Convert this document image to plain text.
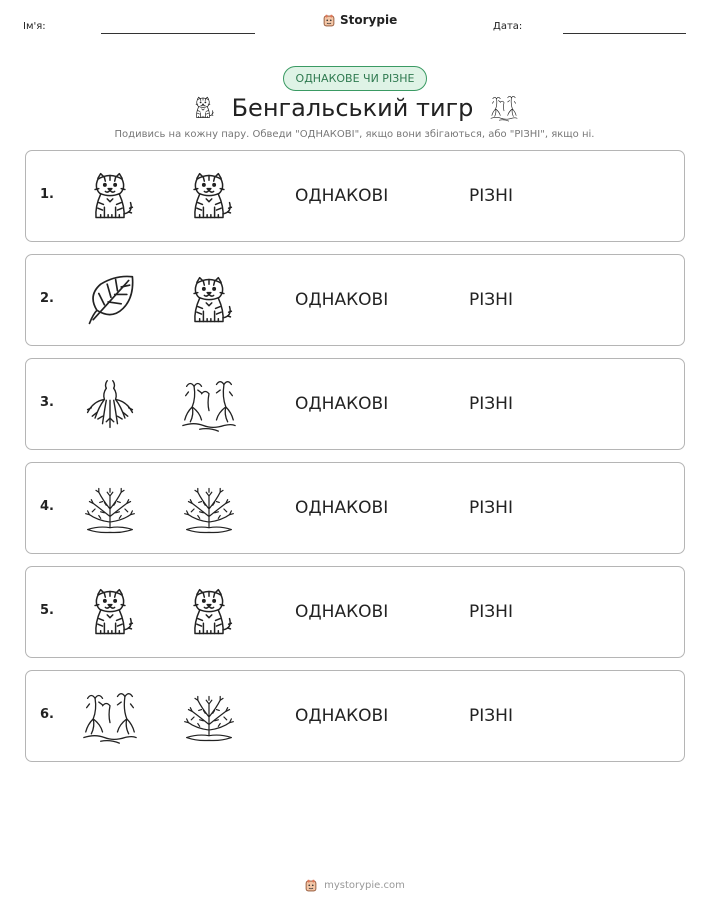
Ім'я:	Storypie	Дата:
ОДНАКОВЕ ЧИ РІЗНЕ
Бенгальський тигр
Подивись на кожну пару. Обведи "ОДНАКОВІ", якщо вони збігаються, або "РІЗНІ", якщо ні.
1.	ОДНАКОВІ	РІЗНІ
2.	ОДНАКОВІ	РІЗНІ
3.	ОДНАКОВІ	РІЗНІ
4.	ОДНАКОВІ	РІЗНІ
5.	ОДНАКОВІ	РІЗНІ
6.	ОДНАКОВІ	РІЗНІ
mystorypie.com
